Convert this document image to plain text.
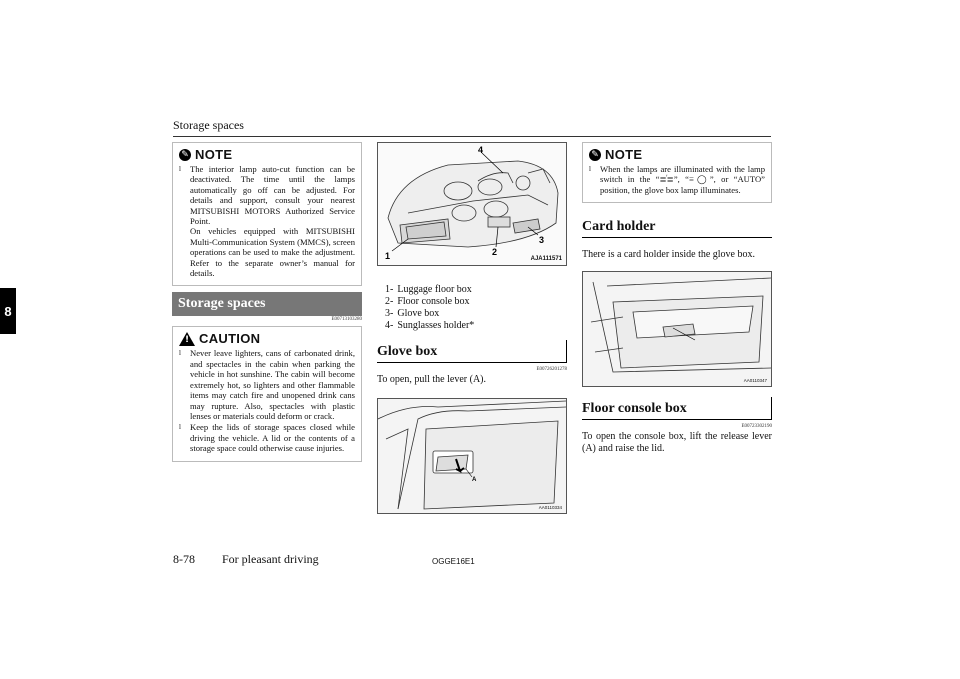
Storage spaces
8
✎ NOTE
l	The interior lamp auto-cut function can be deactivated. The time until the lamps automatically go off can be adjusted. For details and support, consult your nearest MITSUBISHI MOTORS Authorized Service Point.

On vehicles equipped with MITSUBISHI Multi-Communication System (MMCS), screen operations can be used to make the adjustment. Refer to the separate owner’s manual for details.

Storage spaces
E00713103280
! CAUTION
l	Never leave lighters, cans of carbonated drink, and spectacles in the cabin when parking the vehicle in hot sunshine. The cabin will become extremely hot, so lighters and other flammable items may catch fire and unopened drink cans may rupture. Also, spectacles with plastic lenses or materials could deform or crack.

l	Keep the lids of storage spaces closed while driving the vehicle. A lid or the contents of a storage space could otherwise cause injuries.

1	2
3
4
AJA111571
1- Luggage floor box
2- Floor console box
3- Glove box
4- Sunglasses holder*
Glove box
E00726201278
To open, pull the lever (A).
A
AA0110334
✎ NOTE
l	When the lamps are illuminated with the lamp switch in the “≣ⷢ≣”, “≡◯”, or “AUTO” position, the glove box lamp illuminates.

Card holder
There is a card holder inside the glove box.
AA0110347
Floor console box
E00723302190
To open the console box, lift the release lever (A) and raise the lid.
8-78 For pleasant driving	OGGE16E1
